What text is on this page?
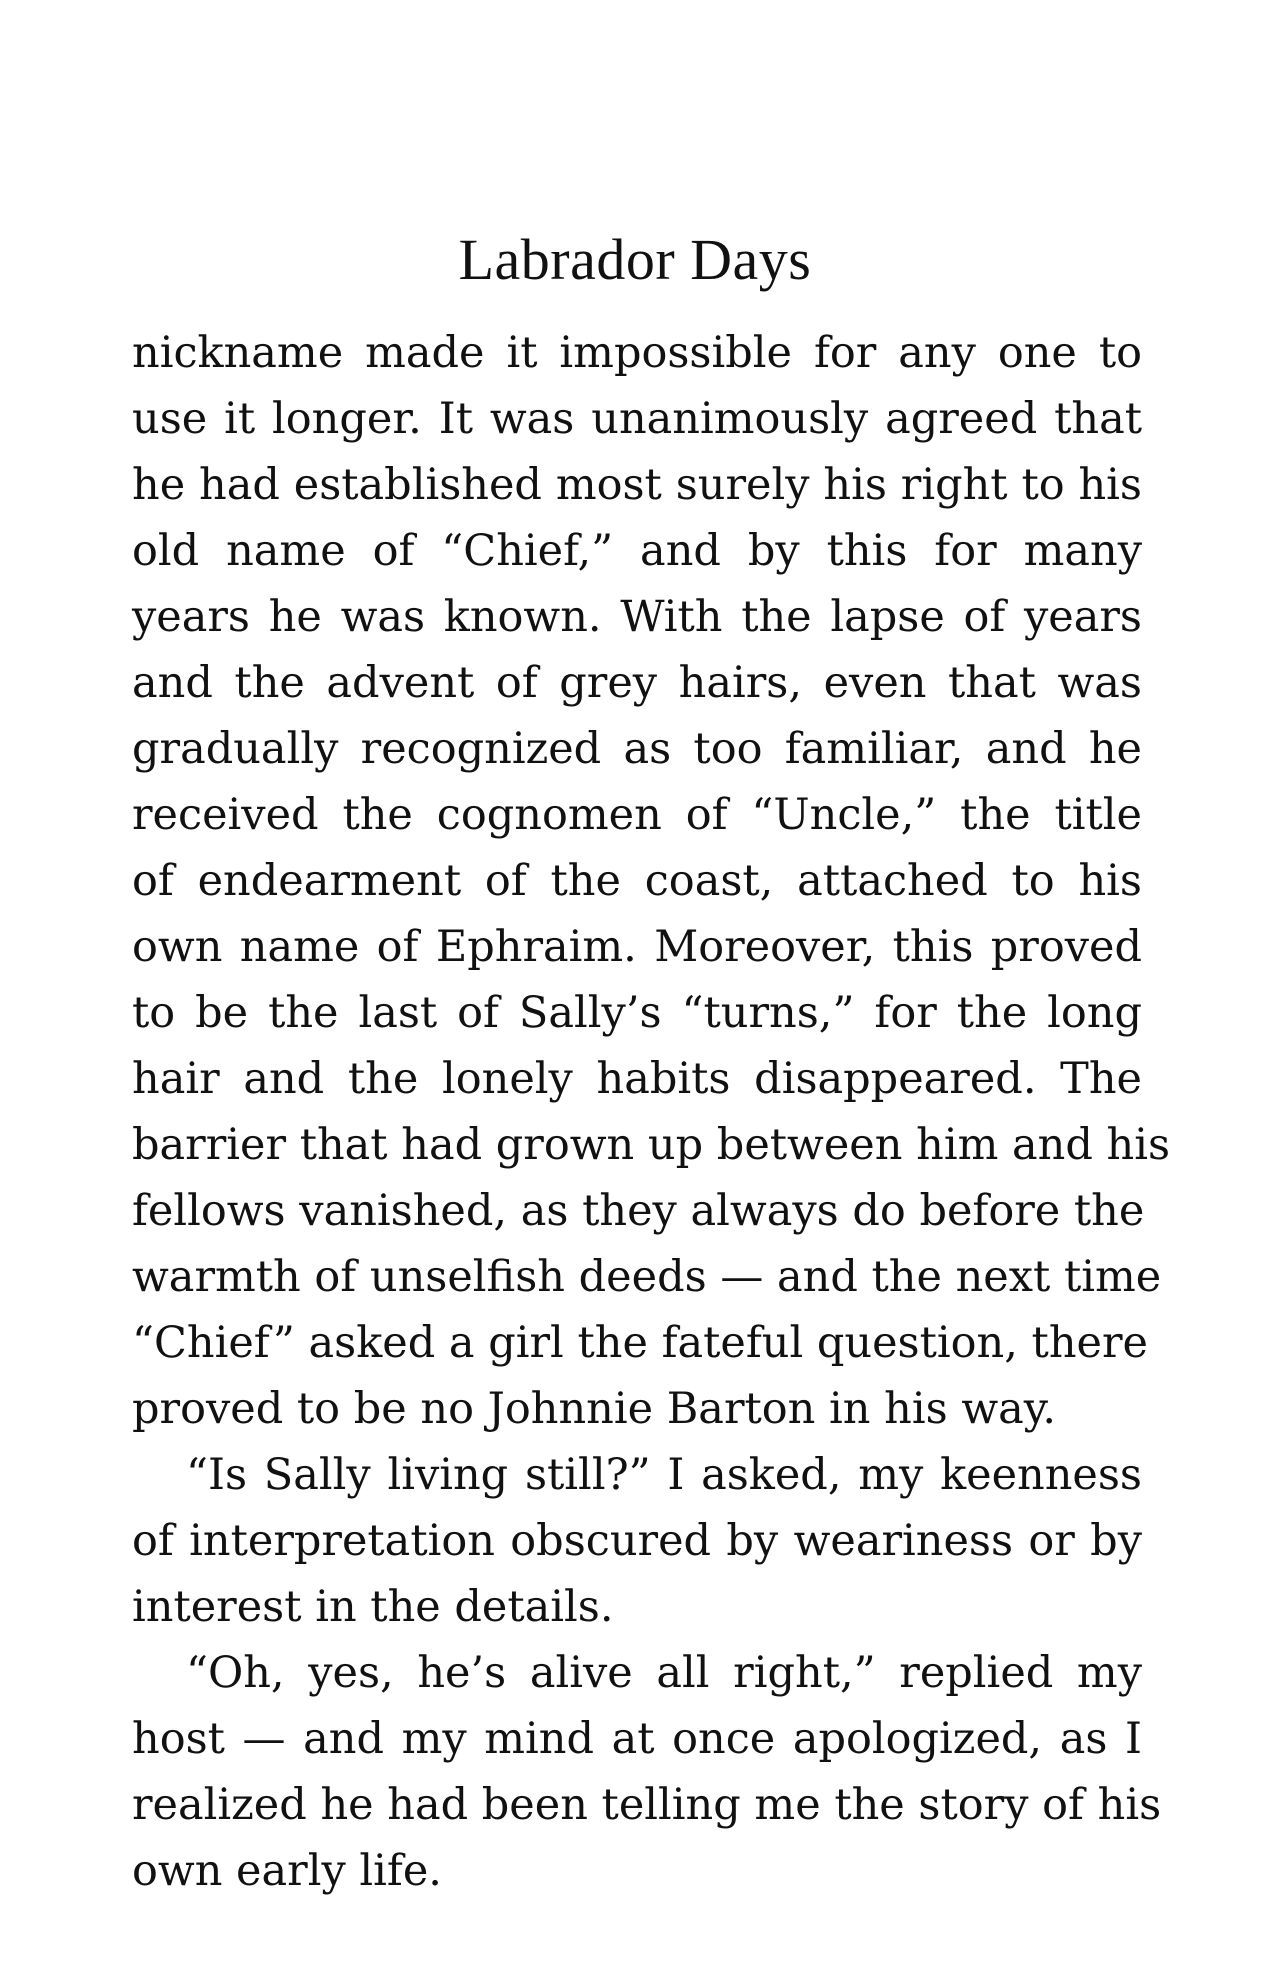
Labrador Days
nickname made it impossible for any one to
use it longer. It was unanimously agreed that
he had established most surely his right to his
old name of “Chief,” and by this for many
years he was known. With the lapse of years
and the advent of grey hairs, even that was
gradually recognized as too familiar, and he
received the cognomen of “Uncle,” the title
of endearment of the coast, attached to his
own name of Ephraim. Moreover, this proved
to be the last of Sally’s “turns,” for the long
hair and the lonely habits disappeared. The
barrier that had grown up between him and his
fellows vanished, as they always do before the
warmth of unselfish deeds — and the next time
“Chief” asked a girl the fateful question, there
proved to be no Johnnie Barton in his way.
“Is Sally living still?” I asked, my keenness
of interpretation obscured by weariness or by
interest in the details.
“Oh, yes, he’s alive all right,” replied my
host — and my mind at once apologized, as I
realized he had been telling me the story of his
own early life.
